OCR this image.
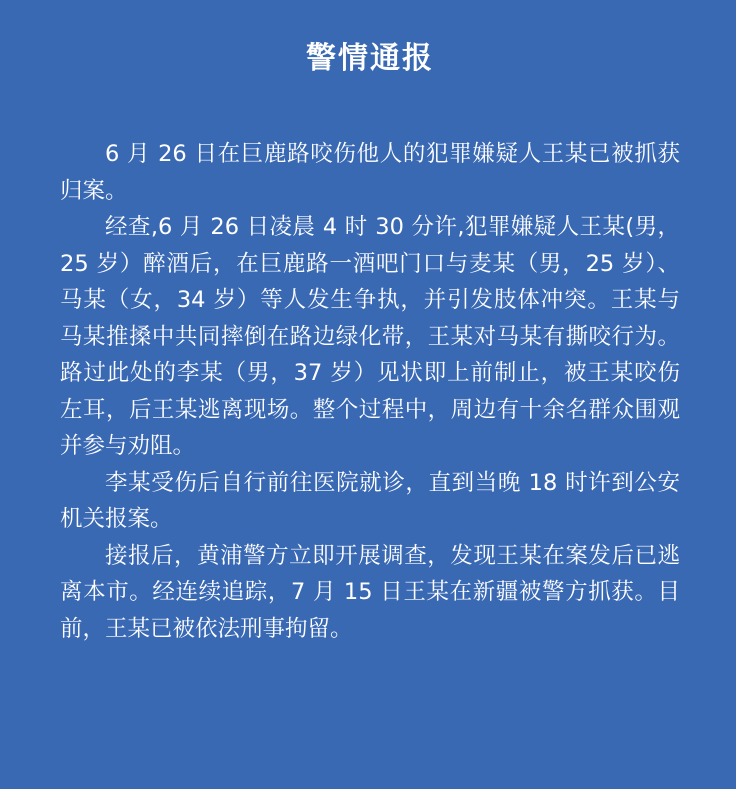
警情通报

6 月 26 日在巨鹿路咬伤他人的犯罪嫌疑人王某已被抓获归案。

经查,6 月 26 日凌晨 4 时 30 分许,犯罪嫌疑人王某(男，25 岁）醉酒后，在巨鹿路一酒吧门口与麦某（男，25 岁）、马某（女，34 岁）等人发生争执，并引发肢体冲突。王某与马某推搡中共同摔倒在路边绿化带，王某对马某有撕咬行为。路过此处的李某（男，37 岁）见状即上前制止，被王某咬伤左耳，后王某逃离现场。整个过程中，周边有十余名群众围观并参与劝阻。

李某受伤后自行前往医院就诊，直到当晚 18 时许到公安机关报案。

接报后，黄浦警方立即开展调查，发现王某在案发后已逃离本市。经连续追踪，7 月 15 日王某在新疆被警方抓获。目前，王某已被依法刑事拘留。
